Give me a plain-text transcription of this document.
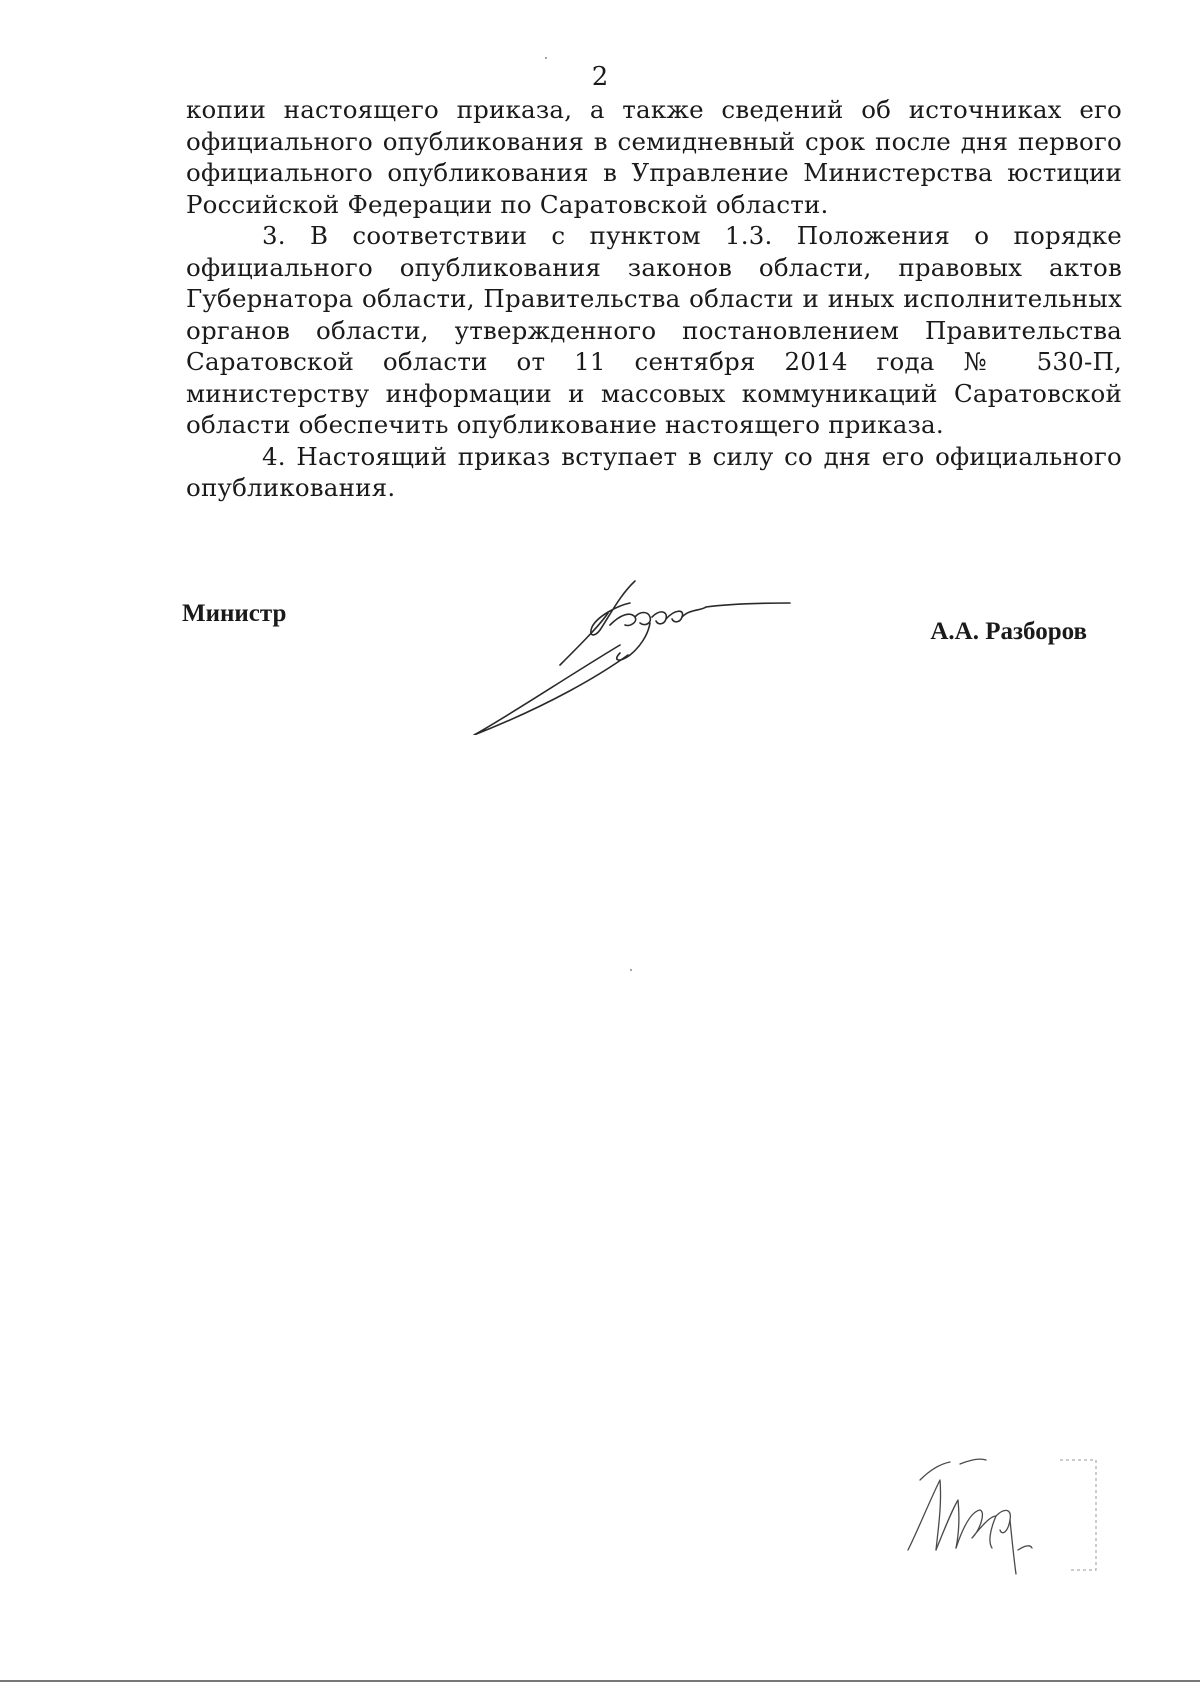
2

копии настоящего приказа, а также сведений об источниках его официального опубликования в семидневный срок после дня первого официального опубликования в Управление Министерства юстиции Российской Федерации по Саратовской области.

3. В соответствии с пунктом 1.3. Положения о порядке официального опубликования законов области, правовых актов Губернатора области, Правительства области и иных исполнительных органов области, утвержденного постановлением Правительства Саратовской области от 11 сентября 2014 года № 530-П, министерству информации и массовых коммуникаций Саратовской области обеспечить опубликование настоящего приказа.

4. Настоящий приказ вступает в силу со дня его официального опубликования.

Министр
А.А. Разборов
